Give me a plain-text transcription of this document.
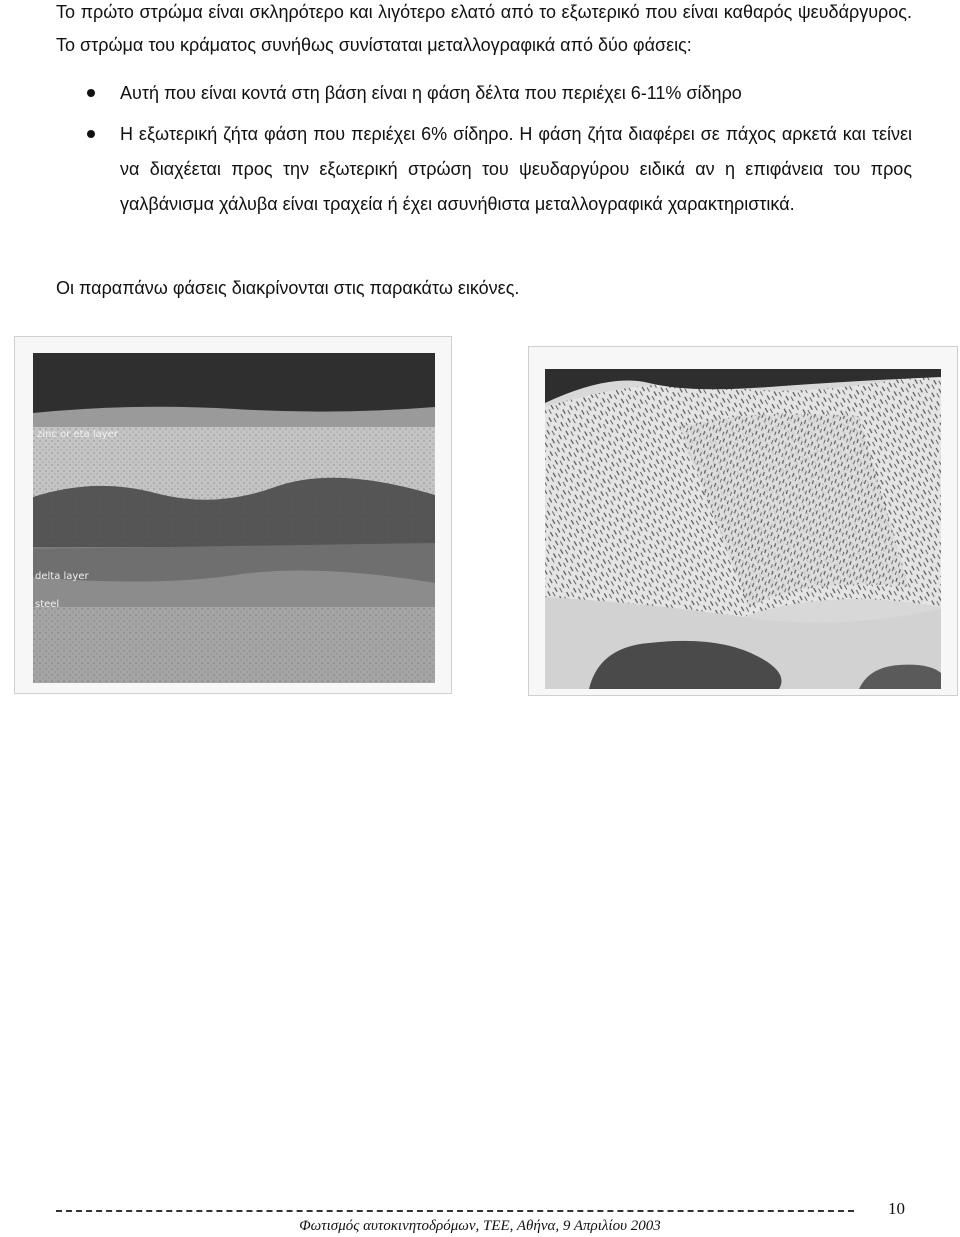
Το πρώτο στρώμα είναι σκληρότερο και λιγότερο ελατό από το εξωτερικό που είναι καθαρός ψευδάργυρος. Το στρώμα του κράματος συνήθως συνίσταται μεταλλογραφικά από δύο φάσεις:
Αυτή που είναι κοντά στη βάση είναι η φάση δέλτα που περιέχει 6-11% σίδηρο
Η εξωτερική ζήτα φάση που περιέχει 6% σίδηρο. Η φάση ζήτα διαφέρει σε πάχος αρκετά και τείνει να διαχέεται προς την εξωτερική στρώση του ψευδαργύρου ειδικά αν η επιφάνεια του προς γαλβάνισμα χάλυβα είναι τραχεία ή έχει ασυνήθιστα μεταλλογραφικά χαρακτηριστικά.
Οι παραπάνω φάσεις διακρίνονται στις παρακάτω εικόνες.
zinc or eta layer
delta layer
steel
Φωτισμός αυτοκινητοδρόμων, ΤΕΕ, Αθήνα, 9 Απριλίου 2003
10
